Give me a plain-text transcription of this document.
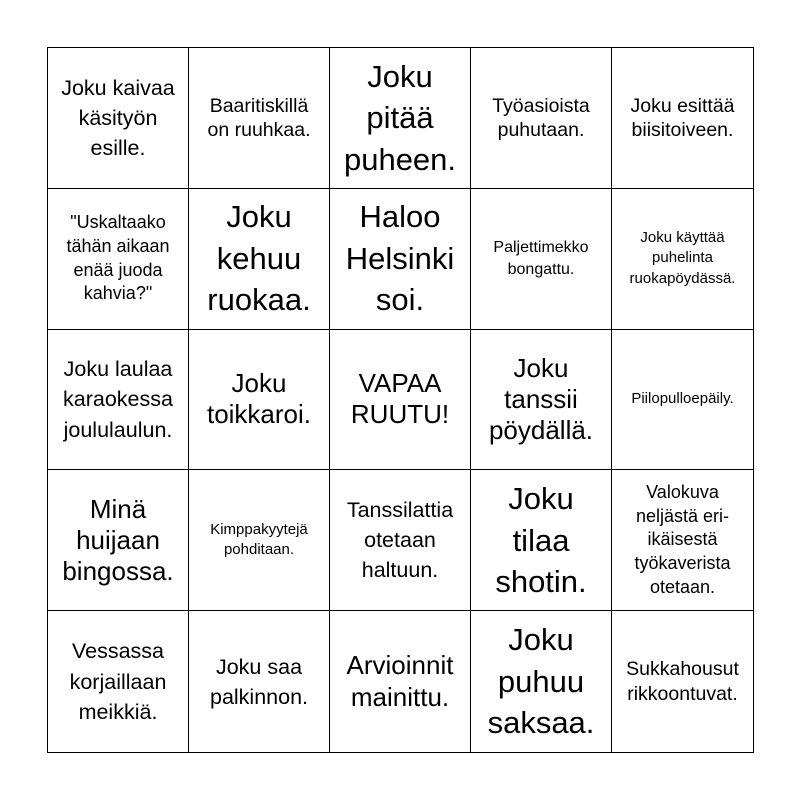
Joku kaivaa käsityön esille.
Baaritiskillä on ruuhkaa.
Joku pitää puheen.
Työasioista puhutaan.
Joku esittää biisitoiveen.
"Uskaltaako tähän aikaan enää juoda kahvia?"
Joku kehuu ruokaa.
Haloo Helsinki soi.
Paljettimekko bongattu.
Joku käyttää puhelinta ruokapöydässä.
Joku laulaa karaokessa joululaulun.
Joku toikkaroi.
VAPAA RUUTU!
Joku tanssii pöydällä.
Piilopulloepäily.
Minä huijaan bingossa.
Kimppakyytejä pohditaan.
Tanssilattia otetaan haltuun.
Joku tilaa shotin.
Valokuva neljästä eri-ikäisestä työkaverista otetaan.
Vessassa korjaillaan meikkiä.
Joku saa palkinnon.
Arvioinnit mainittu.
Joku puhuu saksaa.
Sukkahousut rikkoontuvat.
